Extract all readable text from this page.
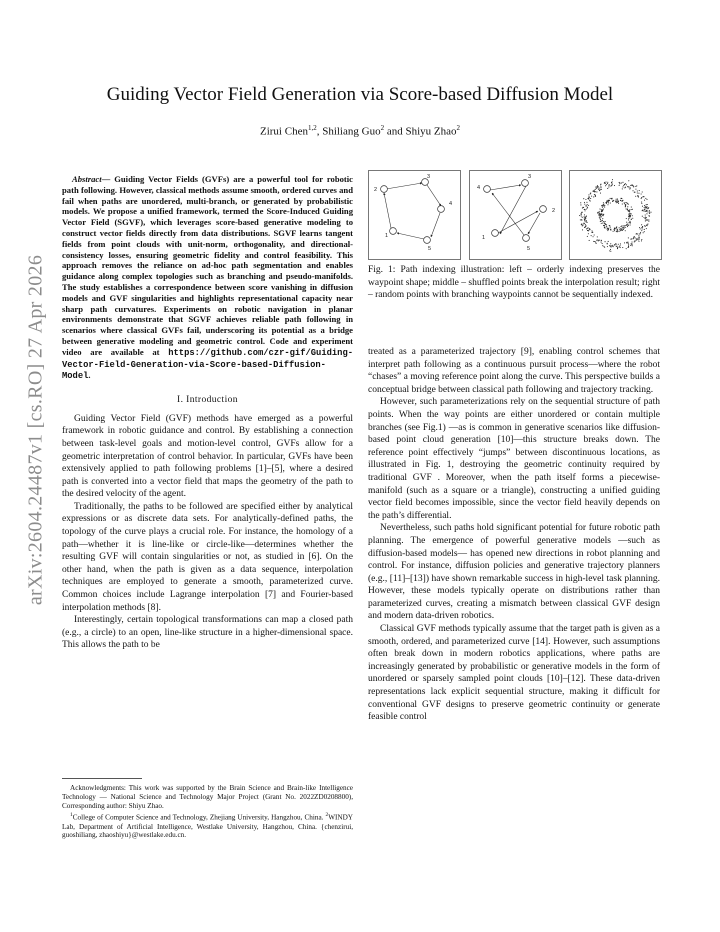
arXiv:2604.24487v1 [cs.RO] 27 Apr 2026
Guiding Vector Field Generation via Score-based Diffusion Model
Zirui Chen$^{1,2}$, Shiliang Guo$^2$ and Shiyu Zhao$^2$

Abstract— Guiding Vector Fields (GVFs) are a powerful tool for robotic path following. However, classical methods assume smooth, ordered curves and fail when paths are unordered, multi-branch, or generated by probabilistic models. We propose a unified framework, termed the Score-Induced Guiding Vector Field (SGVF), which leverages score-based generative modeling to construct vector fields directly from data distributions. SGVF learns tangent fields from point clouds with unit-norm, orthogonality, and directional-consistency losses, ensuring geometric fidelity and control feasibility. This approach removes the reliance on ad-hoc path segmentation and enables guidance along complex topologies such as branching and pseudo-manifolds. The study establishes a correspondence between score vanishing in diffusion models and GVF singularities and highlights representational capacity near sharp path curvatures. Experiments on robotic navigation in planar environments demonstrate that SGVF achieves reliable path following in scenarios where classical GVFs fail, underscoring its potential as a bridge between generative modeling and geometric control. Code and experiment video are available at https://github.com/czr-gif/Guiding-Vector-Field-Generation-via-Score-based-Diffusion-Model.

I. Introduction

Guiding Vector Field (GVF) methods have emerged as a powerful framework in robotic guidance and control. By establishing a connection between task-level goals and motion-level control, GVFs allow for a geometric interpretation of control behavior. In particular, GVFs have been extensively applied to path following problems [1]–[5], where a desired path is converted into a vector field that maps the geometry of the path to the desired velocity of the agent.

Traditionally, the paths to be followed are specified either by analytical expressions or as discrete data sets. For analytically-defined paths, the topology of the curve plays a crucial role. For instance, the homology of a path—whether it is line-like or circle-like—determines whether the resulting GVF will contain singularities or not, as studied in [6]. On the other hand, when the path is given as a data sequence, interpolation techniques are employed to generate a smooth, parameterized curve. Common choices include Lagrange interpolation [7] and Fourier-based interpolation methods [8].

Interestingly, certain topological transformations can map a closed path (e.g., a circle) to an open, line-like structure in a higher-dimensional space. This allows the path to be

Acknowledgments: This work was supported by the Brain Science and Brain-like Intelligence Technology — National Science and Technology Major Project (Grant No. 2022ZD0208800), Corresponding author: Shiyu Zhao.

$^1$College of Computer Science and Technology, Zhejiang University, Hangzhou, China. $^2$WINDY Lab, Department of Artificial Intelligence, Westlake University, Hangzhou, China. {chenzirui, guoshiliang, zhaoshiyu}@westlake.edu.cn.

1
2
3
4
5
1
2
3
4
5
Fig. 1: Path indexing illustration: left – orderly indexing preserves the waypoint shape; middle – shuffled points break the interpolation result; right – random points with branching waypoints cannot be sequentially indexed.

treated as a parameterized trajectory [9], enabling control schemes that interpret path following as a continuous pursuit process—where the robot “chases” a moving reference point along the curve. This perspective builds a conceptual bridge between classical path following and trajectory tracking.

However, such parameterizations rely on the sequential structure of path points. When the way points are either unordered or contain multiple branches (see Fig.1) —as is common in generative scenarios like diffusion-based point cloud generation [10]—this structure breaks down. The reference point effectively “jumps” between discontinuous locations, as illustrated in Fig. 1, destroying the geometric continuity required by traditional GVF . Moreover, when the path itself forms a piecewise-manifold (such as a square or a triangle), constructing a unified guiding vector field becomes impossible, since the vector field heavily depends on the path’s differential.

Nevertheless, such paths hold significant potential for future robotic path planning. The emergence of powerful generative models —such as diffusion-based models— has opened new directions in robot planning and control. For instance, diffusion policies and generative trajectory planners (e.g., [11]–[13]) have shown remarkable success in high-level task planning. However, these models typically operate on distributions rather than parameterized curves, creating a mismatch between classical GVF design and modern data-driven robotics.

Classical GVF methods typically assume that the target path is given as a smooth, ordered, and parameterized curve [14]. However, such assumptions often break down in modern robotics applications, where paths are increasingly generated by probabilistic or generative models in the form of unordered or sparsely sampled point clouds [10]–[12]. These data-driven representations lack explicit sequential structure, making it difficult for conventional GVF designs to preserve geometric continuity or generate feasible control
